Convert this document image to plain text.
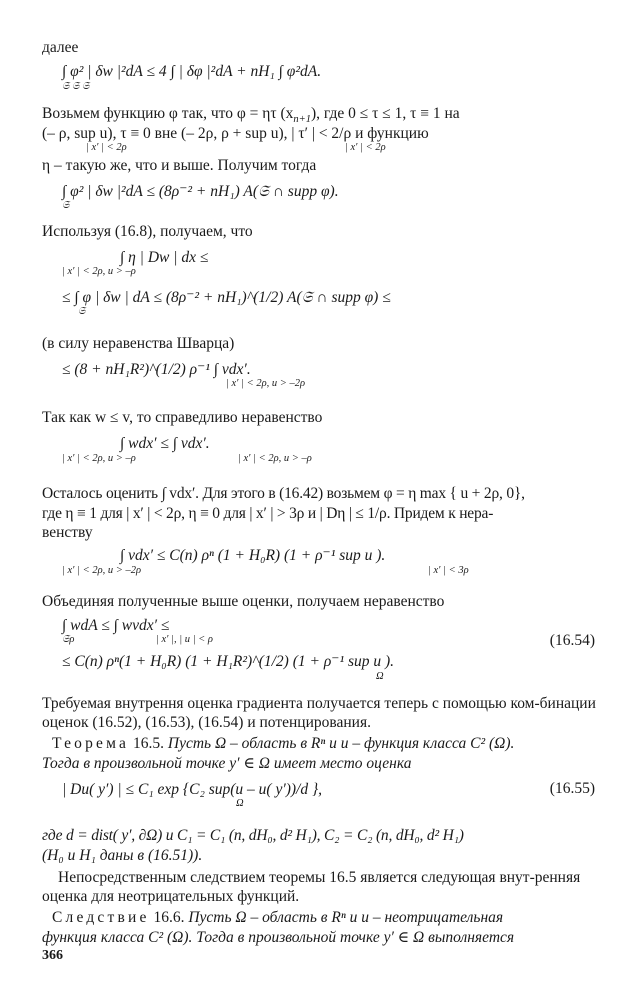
далее
∫ φ² | δw |²dA ≤ 4 ∫ | δφ |²dA + nH₁ ∫ φ²dA.
𝔖 𝔖 𝔖
Возьмем функцию φ так, что φ = ητ $(x_{n+1})$, где 0 ≤ τ ≤ 1, τ ≡ 1 на
(– ρ, sup u), τ ≡ 0 вне (– 2ρ, ρ + sup u), | τ′ | < 2/ρ и функцию
| x′ | < 2ρ	| x′ | < 2ρ
η – такую же, что и выше. Получим тогда
∫ φ² | δw |²dA ≤ (8ρ⁻² + nH₁) A(𝔖 ∩ supp φ).
𝔖
Используя (16.8), получаем, что
∫ η | Dw | dx ≤
| x′ | < 2ρ, u > –ρ
≤ ∫ φ | δw | dA ≤ (8ρ⁻² + nH₁)^(1/2) A(𝔖 ∩ supp φ) ≤
𝔖
(в силу неравенства Шварца)
≤ (8 + nH₁R²)^(1/2) ρ⁻¹ ∫ vdx′.
| x′ | < 2ρ, u > –2ρ
Так как w ≤ v, то справедливо неравенство
∫ wdx′ ≤ ∫ vdx′.
| x′ | < 2ρ, u > –ρ	| x′ | < 2ρ, u > –ρ
Осталось оценить ∫ vdx′. Для этого в (16.42) возьмем φ = η max { u + 2ρ, 0},
где η ≡ 1 для | x′ | < 2ρ, η ≡ 0 для | x′ | > 3ρ и | Dη | ≤ 1/ρ. Придем к нера-
венству
∫ vdx′ ≤ C(n) ρⁿ (1 + H₀R) (1 + ρ⁻¹ sup u ).
| x′ | < 2ρ, u > –2ρ	| x′ | < 3ρ
Объединяя полученные выше оценки, получаем неравенство
∫ wdA ≤ ∫ wvdx′ ≤
𝔖ρ	| x′ |, | u | < ρ	(16.54)
≤ C(n) ρⁿ(1 + H₀R) (1 + H₁R²)^(1/2) (1 + ρ⁻¹ sup u ).
Ω
Требуемая внутрення оценка градиента получается теперь с помощью ком-бинации оценок (16.52), (16.53), (16.54) и потенцирования.
Теорема 16.5. Пусть Ω – область в Rⁿ и u – функция класса C² (Ω).
Тогда в произвольной точке y′ ∈ Ω имеет место оценка
| Du( y′) | ≤ C₁ exp {C₂ sup(u – u( y′))/d },
Ω
(16.55)
где d = dist( y′, ∂Ω) и C₁ = C₁ (n, dH₀, d² H₁), C₂ = C₂ (n, dH₀, d² H₁)
(H₀ и H₁ даны в (16.51)).
Непосредственным следствием теоремы 16.5 является следующая внут-ренняя оценка для неотрицательных функций.
Следствие 16.6. Пусть Ω – область в Rⁿ и u – неотрицательная
функция класса C² (Ω). Тогда в произвольной точке y′ ∈ Ω выполняется
366
